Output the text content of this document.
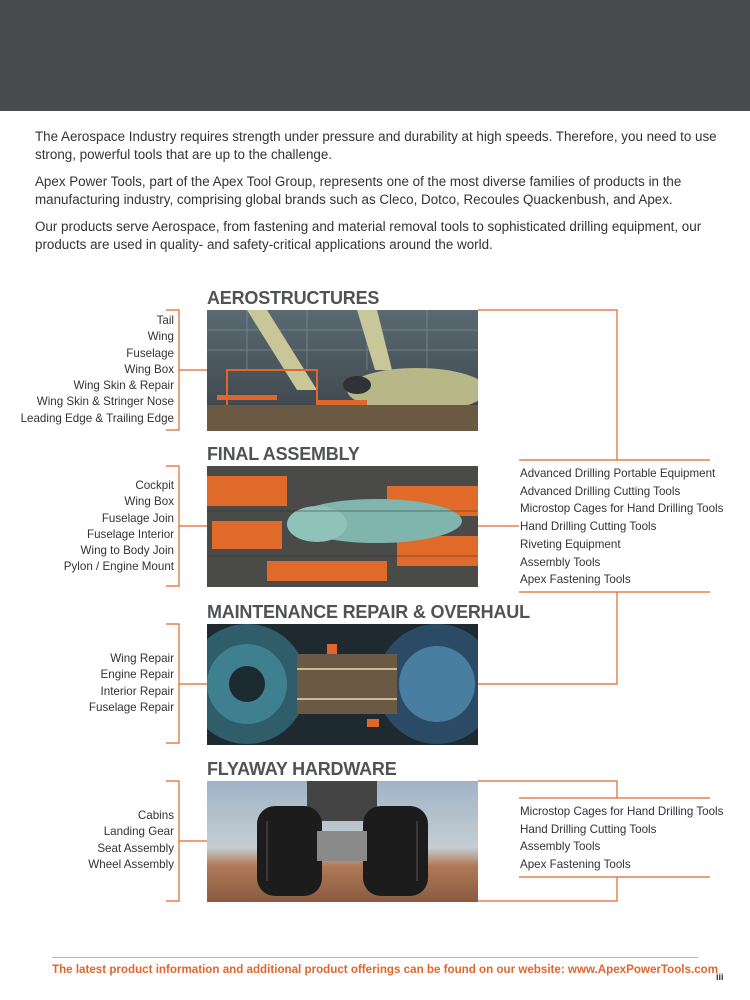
The Aerospace Industry requires strength under pressure and durability at high speeds. Therefore, you need to use strong, powerful tools that are up to the challenge.

Apex Power Tools, part of the Apex Tool Group, represents one of the most diverse families of products in the manufacturing industry, comprising global brands such as Cleco, Dotco, Recoules Quackenbush, and Apex.

Our products serve Aerospace, from fastening and material removal tools to sophisticated drilling equipment, our products are used in quality- and safety-critical applications around the world.

AEROSTRUCTURES
Tail
Wing
Fuselage
Wing Box
Wing Skin & Repair
Wing Skin & Stringer Nose
Leading Edge & Trailing Edge
FINAL ASSEMBLY
Cockpit
Wing Box
Fuselage Join
Fuselage Interior
Wing to Body Join
Pylon / Engine Mount
Advanced Drilling Portable Equipment
Advanced Drilling Cutting Tools
Microstop Cages for Hand Drilling Tools
Hand Drilling Cutting Tools
Riveting Equipment
Assembly Tools
Apex Fastening Tools
MAINTENANCE REPAIR & OVERHAUL
Wing Repair
Engine Repair
Interior Repair
Fuselage Repair
FLYAWAY HARDWARE
Cabins
Landing Gear
Seat Assembly
Wheel Assembly
Microstop Cages for Hand Drilling Tools
Hand Drilling Cutting Tools
Assembly Tools
Apex Fastening Tools
The latest product information and additional product offerings can be found on our website: www.ApexPowerTools.com
iii
